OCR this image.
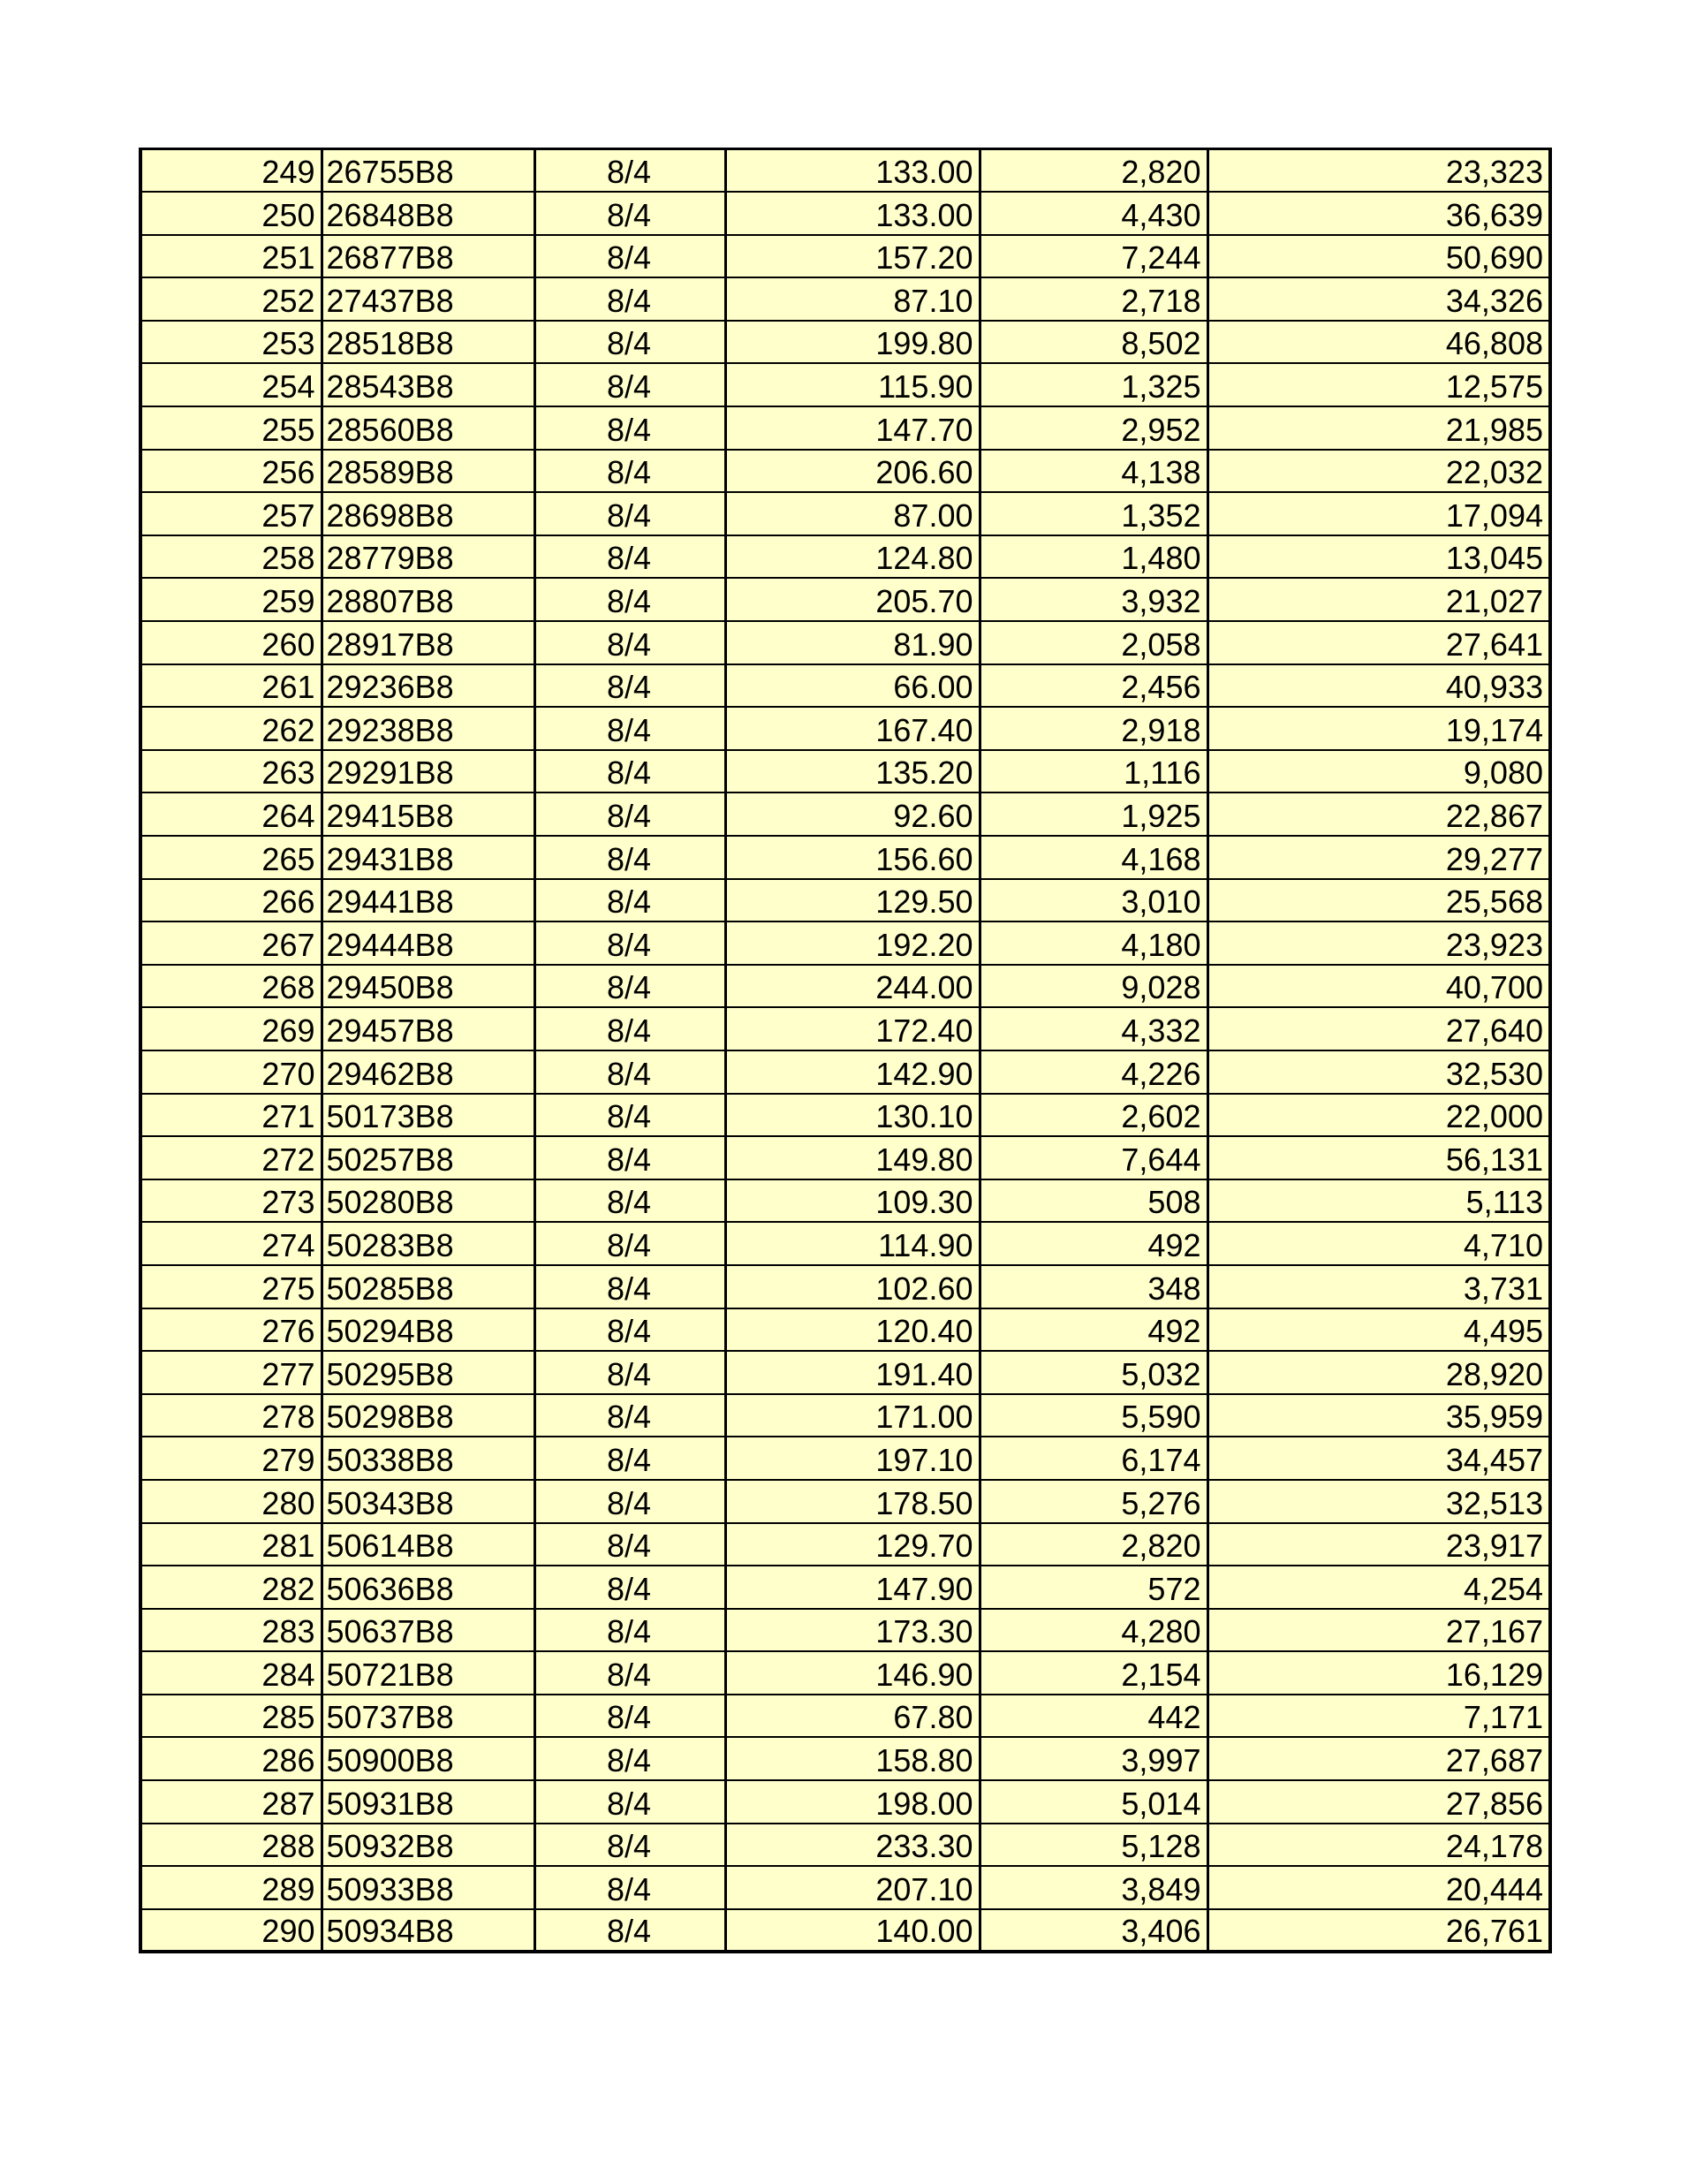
249	26755B8	8/4	133.00	2,820	23,323
250	26848B8	8/4	133.00	4,430	36,639
251	26877B8	8/4	157.20	7,244	50,690
252	27437B8	8/4	87.10	2,718	34,326
253	28518B8	8/4	199.80	8,502	46,808
254	28543B8	8/4	115.90	1,325	12,575
255	28560B8	8/4	147.70	2,952	21,985
256	28589B8	8/4	206.60	4,138	22,032
257	28698B8	8/4	87.00	1,352	17,094
258	28779B8	8/4	124.80	1,480	13,045
259	28807B8	8/4	205.70	3,932	21,027
260	28917B8	8/4	81.90	2,058	27,641
261	29236B8	8/4	66.00	2,456	40,933
262	29238B8	8/4	167.40	2,918	19,174
263	29291B8	8/4	135.20	1,116	9,080
264	29415B8	8/4	92.60	1,925	22,867
265	29431B8	8/4	156.60	4,168	29,277
266	29441B8	8/4	129.50	3,010	25,568
267	29444B8	8/4	192.20	4,180	23,923
268	29450B8	8/4	244.00	9,028	40,700
269	29457B8	8/4	172.40	4,332	27,640
270	29462B8	8/4	142.90	4,226	32,530
271	50173B8	8/4	130.10	2,602	22,000
272	50257B8	8/4	149.80	7,644	56,131
273	50280B8	8/4	109.30	508	5,113
274	50283B8	8/4	114.90	492	4,710
275	50285B8	8/4	102.60	348	3,731
276	50294B8	8/4	120.40	492	4,495
277	50295B8	8/4	191.40	5,032	28,920
278	50298B8	8/4	171.00	5,590	35,959
279	50338B8	8/4	197.10	6,174	34,457
280	50343B8	8/4	178.50	5,276	32,513
281	50614B8	8/4	129.70	2,820	23,917
282	50636B8	8/4	147.90	572	4,254
283	50637B8	8/4	173.30	4,280	27,167
284	50721B8	8/4	146.90	2,154	16,129
285	50737B8	8/4	67.80	442	7,171
286	50900B8	8/4	158.80	3,997	27,687
287	50931B8	8/4	198.00	5,014	27,856
288	50932B8	8/4	233.30	5,128	24,178
289	50933B8	8/4	207.10	3,849	20,444
290	50934B8	8/4	140.00	3,406	26,761
